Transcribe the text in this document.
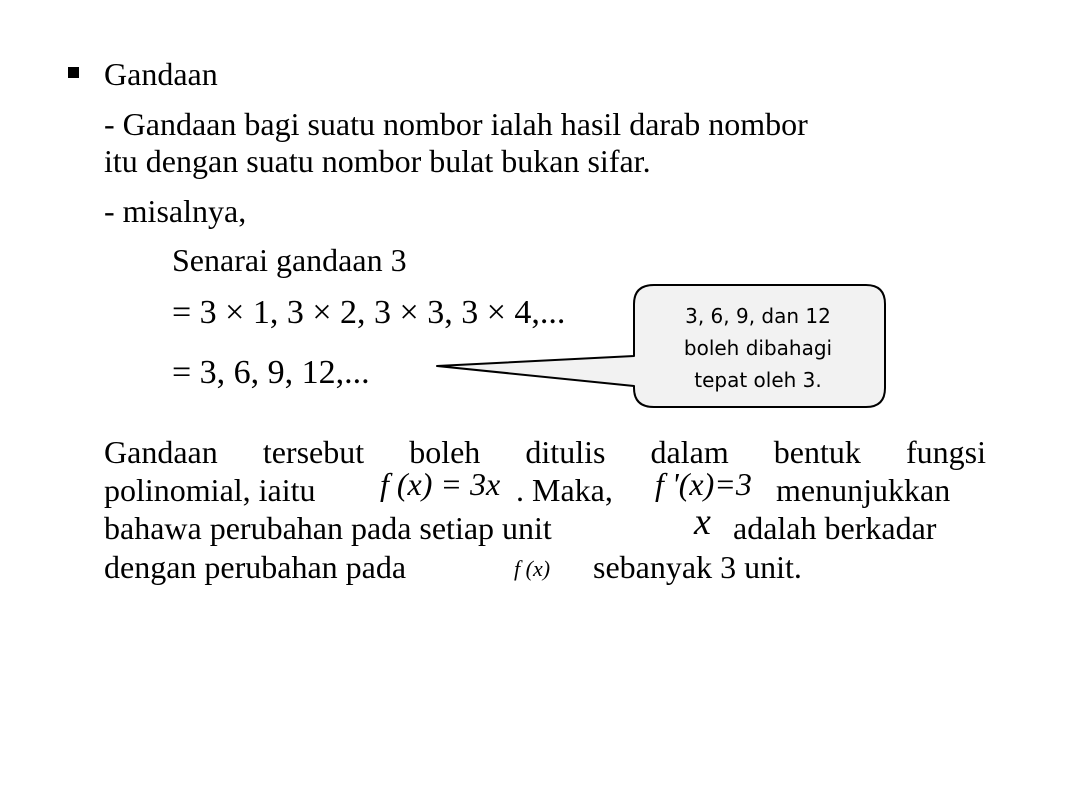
Gandaan
- Gandaan bagi suatu nombor ialah hasil darab nombor
itu dengan suatu nombor bulat bukan sifar.
- misalnya,
Senarai gandaan 3
= 3 × 1, 3 × 2, 3 × 3, 3 × 4,...
= 3, 6, 9, 12,...
3, 6, 9, dan 12
boleh dibahagi
tepat oleh 3.
Gandaan tersebut boleh ditulis dalam bentuk fungsi
polinomial, iaitu f (x) = 3x . Maka, f '(x)=3 menunjukkan
bahawa perubahan pada setiap unit	x adalah berkadar
dengan perubahan pada	f (x) sebanyak 3 unit.
